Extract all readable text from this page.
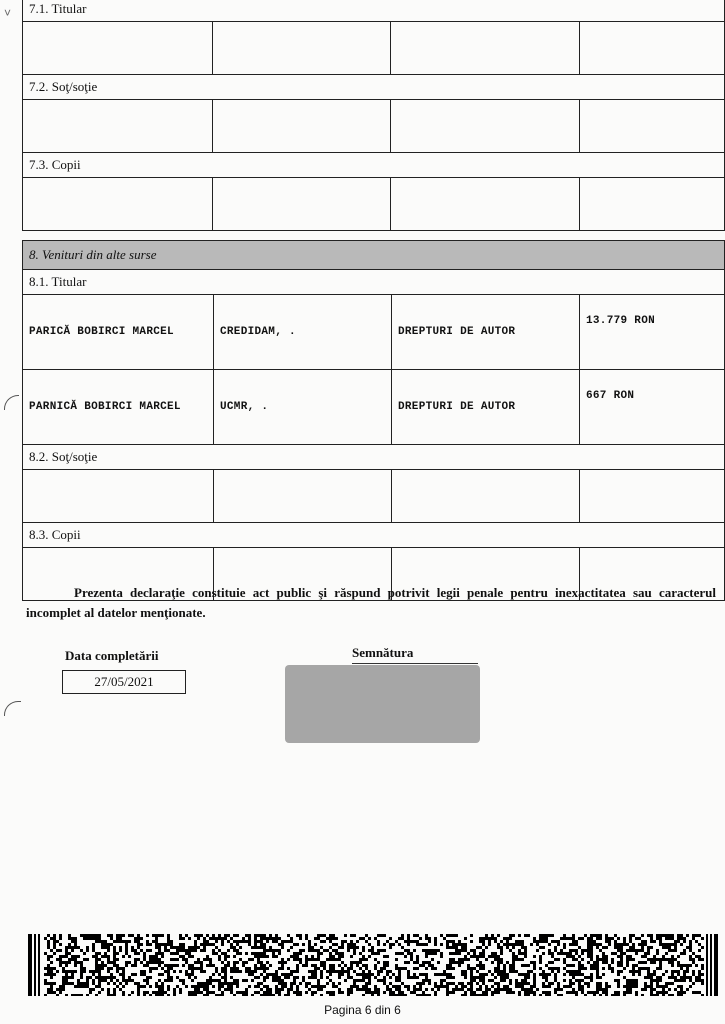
7.1. Titular			

7.2. Soţ/soţie			

7.3. Copii			

8. Venituri din alte surse			
8.1. Titular			
PARICĂ BOBIRCI MARCEL	CREDIDAM, .	DREPTURI DE AUTOR	13.779 RON
PARNICĂ BOBIRCI MARCEL	UCMR, .	DREPTURI DE AUTOR	667 RON
8.2. Soţ/soţie			

8.3. Copii			

Prezenta declaraţie constituie act public şi răspund potrivit legii penale pentru inexactitatea sau caracterul incomplet al datelor menţionate.
Data completării
27/05/2021
Semnătura
˅
Pagina 6 din 6
